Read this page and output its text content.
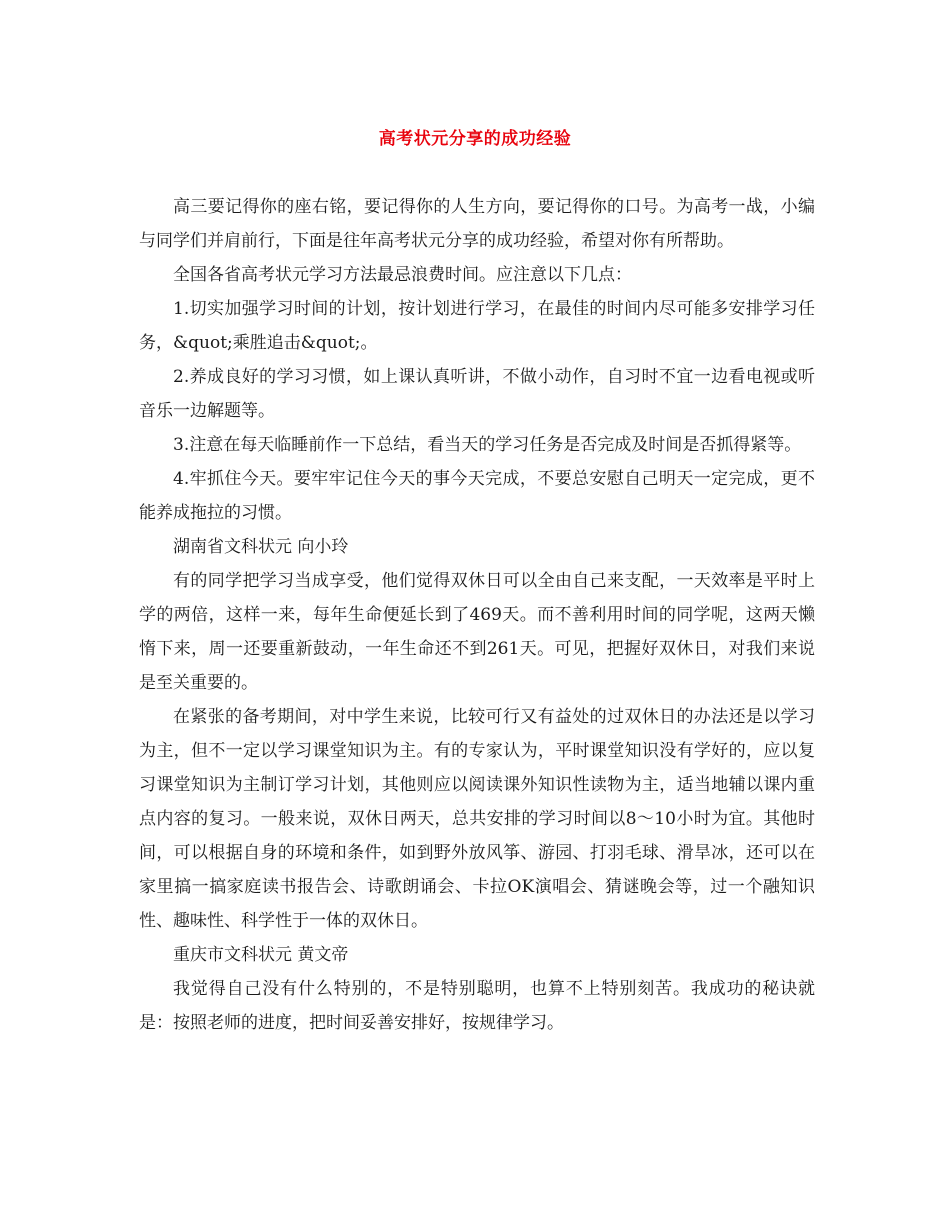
高考状元分享的成功经验

高三要记得你的座右铭，要记得你的人生方向，要记得你的口号。为高考一战，小编与同学们并肩前行，下面是往年高考状元分享的成功经验，希望对你有所帮助。

全国各省高考状元学习方法最忌浪费时间。应注意以下几点：

1.切实加强学习时间的计划，按计划进行学习，在最佳的时间内尽可能多安排学习任务，&quot;乘胜追击&quot;。

2.养成良好的学习习惯，如上课认真听讲，不做小动作，自习时不宜一边看电视或听音乐一边解题等。

3.注意在每天临睡前作一下总结，看当天的学习任务是否完成及时间是否抓得紧等。

4.牢抓住今天。要牢牢记住今天的事今天完成，不要总安慰自己明天一定完成，更不能养成拖拉的习惯。

湖南省文科状元 向小玲

有的同学把学习当成享受，他们觉得双休日可以全由自己来支配，一天效率是平时上学的两倍，这样一来，每年生命便延长到了469天。而不善利用时间的同学呢，这两天懒惰下来，周一还要重新鼓动，一年生命还不到261天。可见，把握好双休日，对我们来说是至关重要的。

在紧张的备考期间，对中学生来说，比较可行又有益处的过双休日的办法还是以学习为主，但不一定以学习课堂知识为主。有的专家认为，平时课堂知识没有学好的，应以复习课堂知识为主制订学习计划，其他则应以阅读课外知识性读物为主，适当地辅以课内重点内容的复习。一般来说，双休日两天，总共安排的学习时间以8～10小时为宜。其他时间，可以根据自身的环境和条件，如到野外放风筝、游园、打羽毛球、滑旱冰，还可以在家里搞一搞家庭读书报告会、诗歌朗诵会、卡拉OK演唱会、猜谜晚会等，过一个融知识性、趣味性、科学性于一体的双休日。

重庆市文科状元 黄文帝

我觉得自己没有什么特别的，不是特别聪明，也算不上特别刻苦。我成功的秘诀就是：按照老师的进度，把时间妥善安排好，按规律学习。
